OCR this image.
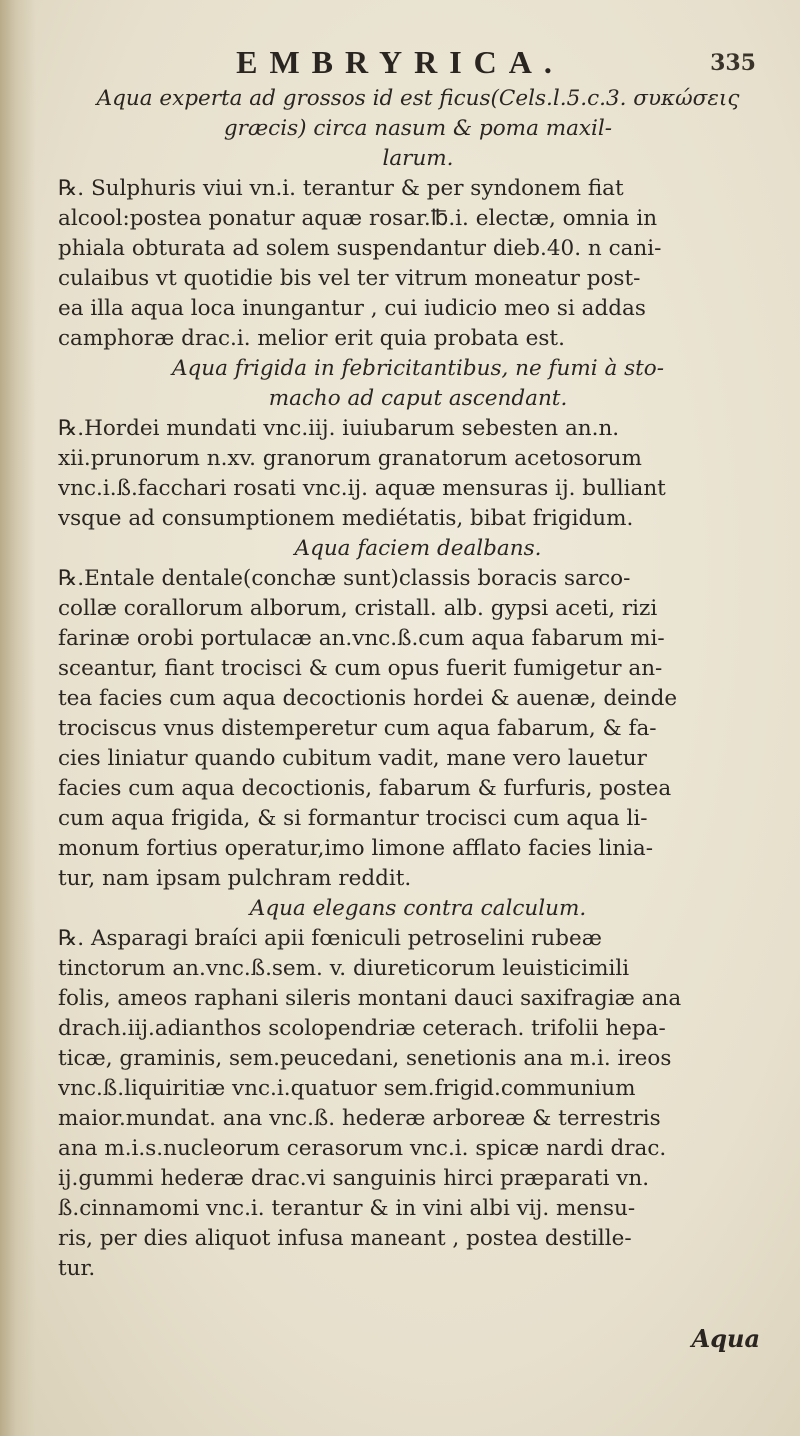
EMBRYRICA.	335
Aqua experta ad grossos id est ficus(Cels.l.5.c.3. συκώσεις
græcis) circa nasum & poma maxil-
larum.
℞. Sulphuris viui vn.i. terantur & per syndonem fiat
alcool:postea ponatur aquæ rosar.℔.i. electæ, omnia in
phiala obturata ad solem suspendantur dieb.40. n cani-
culaibus vt quotidie bis vel ter vitrum moneatur post-
ea illa aqua loca inungantur , cui iudicio meo si addas
camphoræ drac.i. melior erit quia probata est.
Aqua frigida in febricitantibus, ne fumi à sto-
macho ad caput ascendant.
℞.Hordei mundati vnc.iij. iuiubarum sebesten an.n.
xii.prunorum n.xv. granorum granatorum acetosorum
vnc.i.ß.facchari rosati vnc.ij. aquæ mensuras ij. bulliant
vsque ad consumptionem mediétatis, bibat frigidum.
Aqua faciem dealbans.
℞.Entale dentale(conchæ sunt)classis boracis sarco-
collæ corallorum alborum, cristall. alb. gypsi aceti, rizi
farinæ orobi portulacæ an.vnc.ß.cum aqua fabarum mi-
sceantur, fiant trocisci & cum opus fuerit fumigetur an-
tea facies cum aqua decoctionis hordei & auenæ, deinde
trociscus vnus distemperetur cum aqua fabarum, & fa-
cies liniatur quando cubitum vadit, mane vero lauetur
facies cum aqua decoctionis, fabarum & furfuris, postea
cum aqua frigida, & si formantur trocisci cum aqua li-
monum fortius operatur,imo limone afflato facies linia-
tur, nam ipsam pulchram reddit.
Aqua elegans contra calculum.
℞. Asparagi braíci apii fœniculi petroselini rubeæ
tinctorum an.vnc.ß.sem. v. diureticorum leuisticimili
folis, ameos raphani sileris montani dauci saxifragiæ ana
drach.iij.adianthos scolopendriæ ceterach. trifolii hepa-
ticæ, graminis, sem.peucedani, senetionis ana m.i. ireos
vnc.ß.liquiritiæ vnc.i.quatuor sem.frigid.communium
maior.mundat. ana vnc.ß. hederæ arboreæ & terrestris
ana m.i.s.nucleorum cerasorum vnc.i. spicæ nardi drac.
ij.gummi hederæ drac.vi sanguinis hirci præparati vn.
ß.cinnamomi vnc.i. terantur & in vini albi vij. mensu-
ris, per dies aliquot infusa maneant , postea destille-
tur.
Aqua
